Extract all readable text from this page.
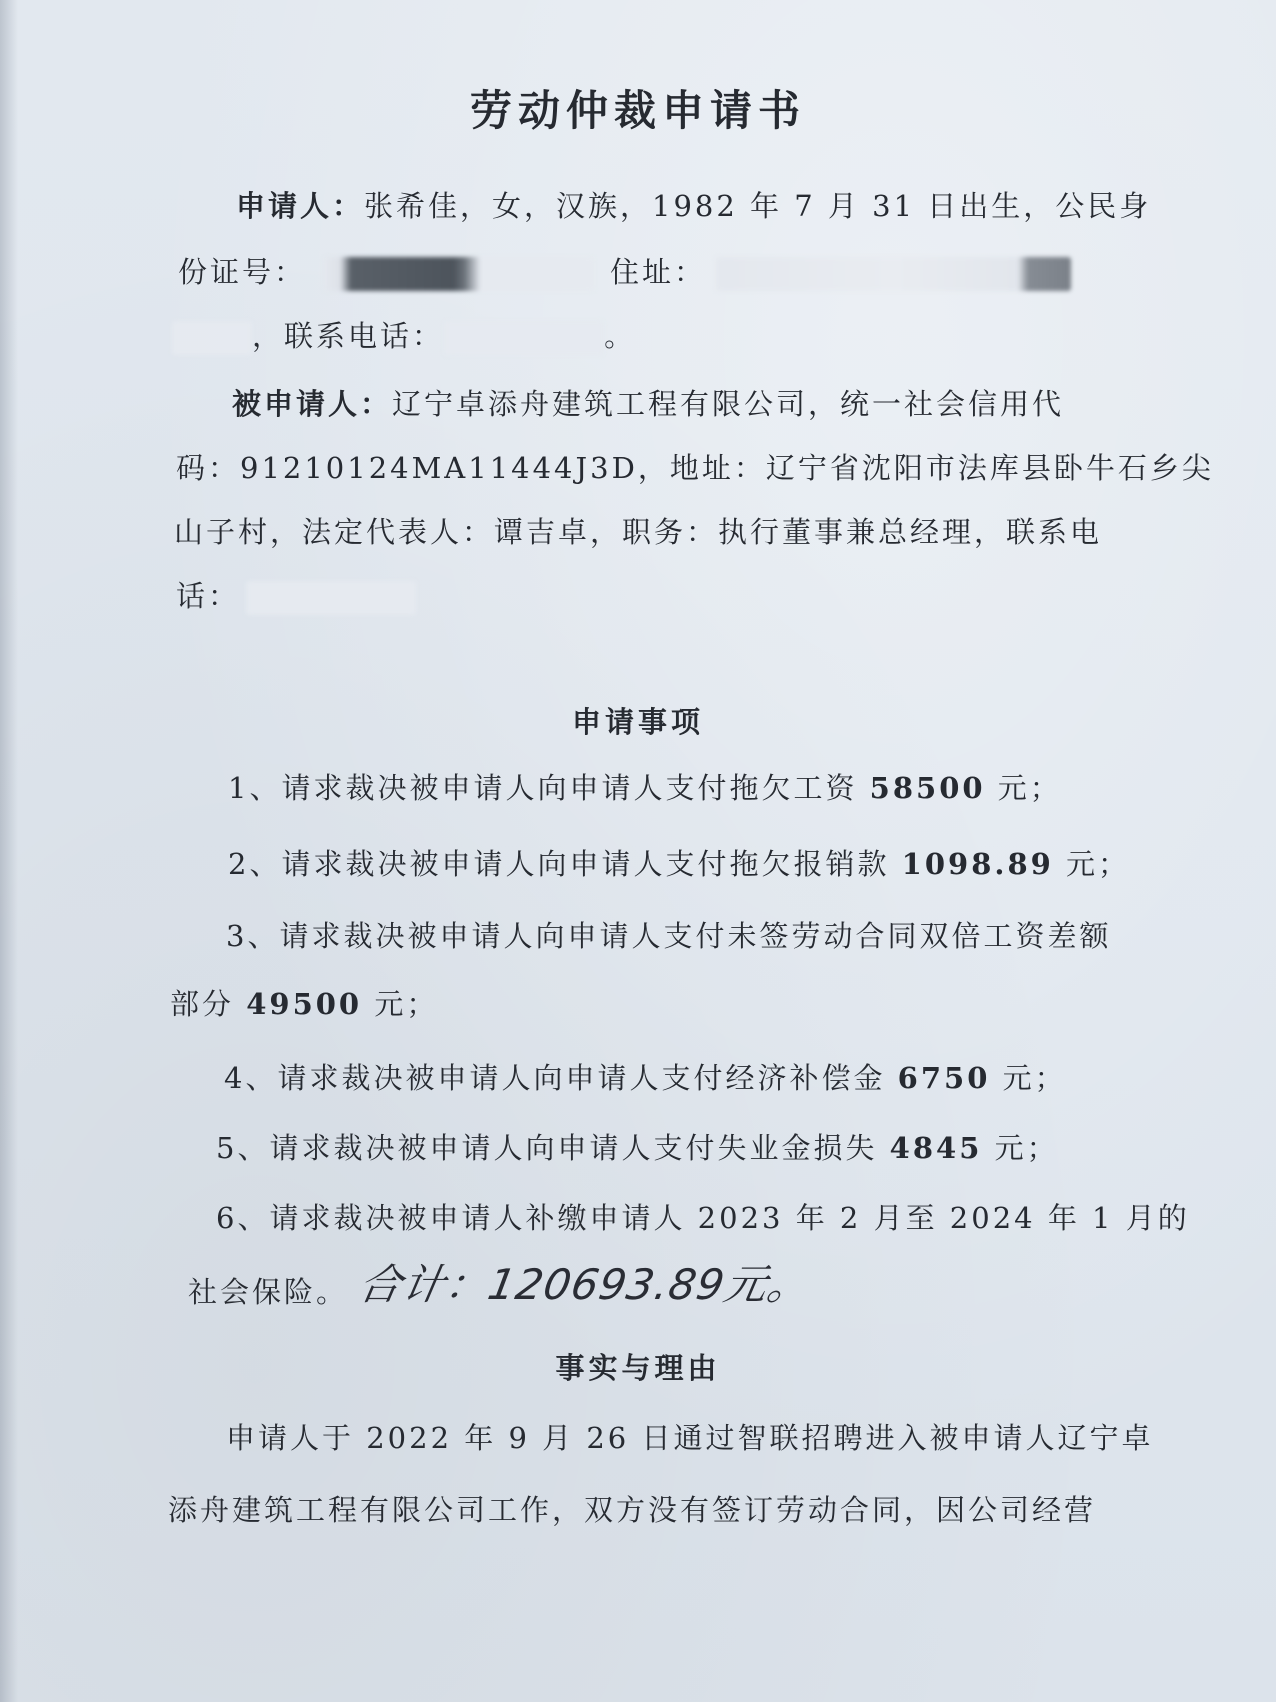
劳动仲裁申请书
申请人：张希佳，女，汉族，1982 年 7 月 31 日出生，公民身
份证号：	住址：
，联系电话：	。
被申请人：辽宁卓添舟建筑工程有限公司，统一社会信用代
码：91210124MA11444J3D，地址：辽宁省沈阳市法库县卧牛石乡尖
山子村，法定代表人：谭吉卓，职务：执行董事兼总经理，联系电
话：
申请事项
1、请求裁决被申请人向申请人支付拖欠工资 58500 元；
2、请求裁决被申请人向申请人支付拖欠报销款 1098.89 元；
3、请求裁决被申请人向申请人支付未签劳动合同双倍工资差额
部分 49500 元；
4、请求裁决被申请人向申请人支付经济补偿金 6750 元；
5、请求裁决被申请人向申请人支付失业金损失 4845 元；
6、请求裁决被申请人补缴申请人 2023 年 2 月至 2024 年 1 月的
社会保险。 合计：120693.89元。
事实与理由
申请人于 2022 年 9 月 26 日通过智联招聘进入被申请人辽宁卓
添舟建筑工程有限公司工作，双方没有签订劳动合同，因公司经营
